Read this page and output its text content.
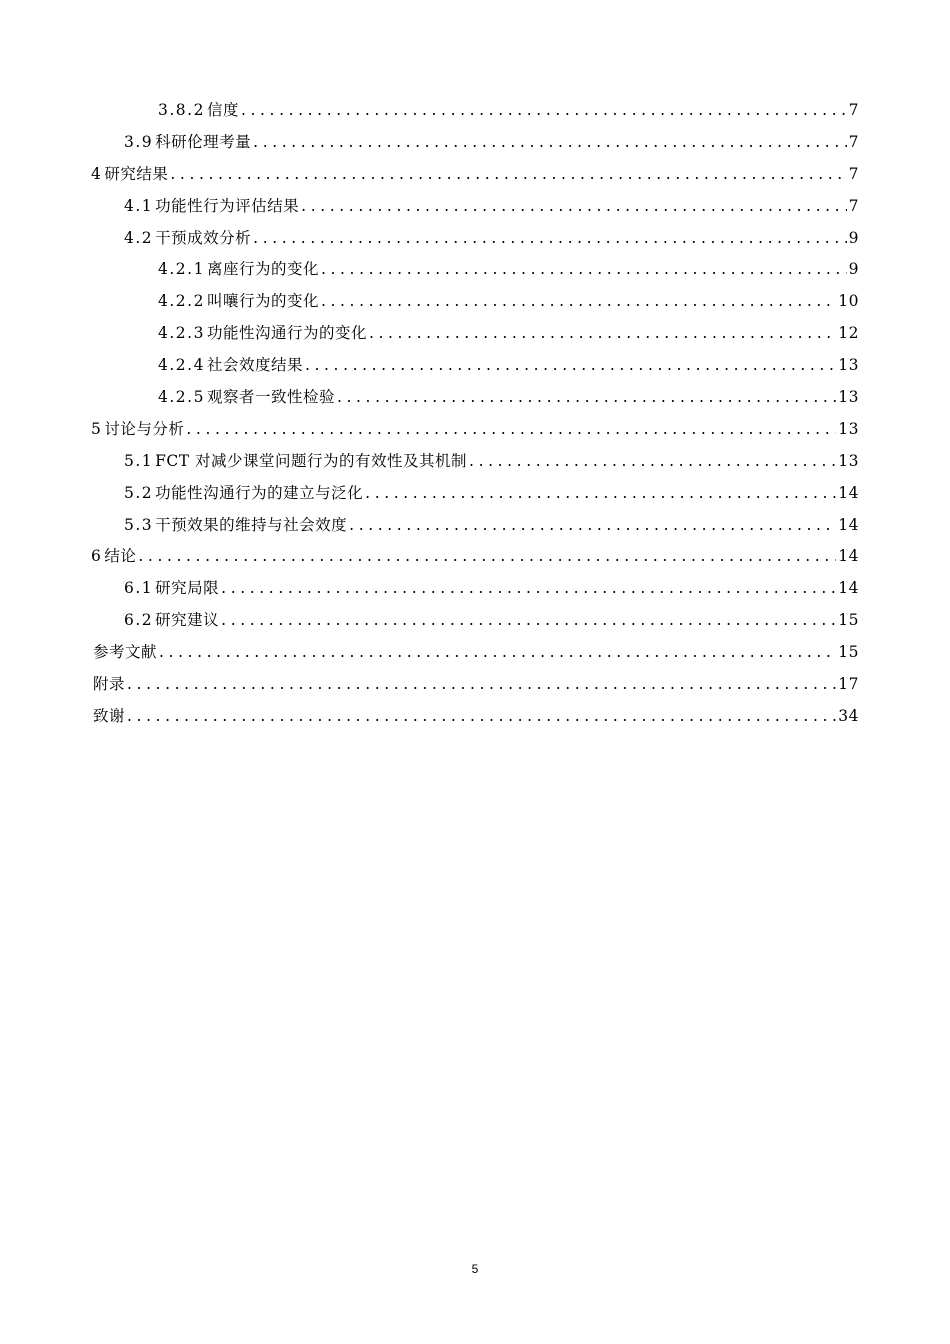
3.8.2 信度 .....	7
3.9 科研伦理考量 .....	7
4 研究结果 .....	7
4.1 功能性行为评估结果 .....	7
4.2 干预成效分析 .....	9
4.2.1 离座行为的变化 .....	9
4.2.2 叫嚷行为的变化 .....	10
4.2.3 功能性沟通行为的变化 .....	12
4.2.4 社会效度结果 .....	13
4.2.5 观察者一致性检验 .....	13
5 讨论与分析 .....	13
5.1 FCT 对减少课堂问题行为的有效性及其机制 .....	13
5.2 功能性沟通行为的建立与泛化 .....	14
5.3 干预效果的维持与社会效度 .....	14
6 结论 .....	14
6.1 研究局限 .....	14
6.2 研究建议 .....	15
参考文献 .....	15
附录 .....	17
致谢 .....	34
5
